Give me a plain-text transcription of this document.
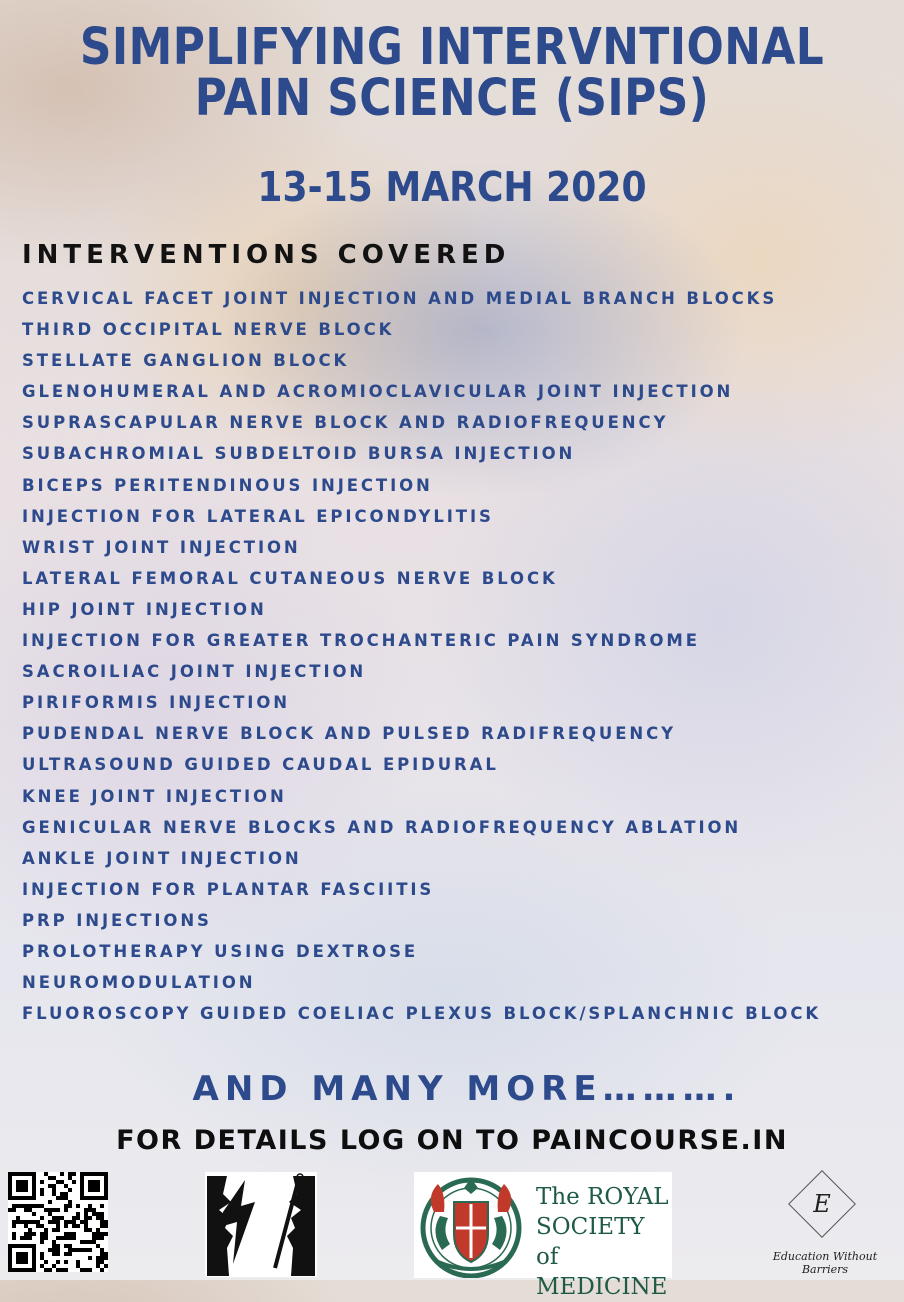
SIMPLIFYING INTERVNTIONAL
PAIN SCIENCE (SIPS)
13-15 MARCH 2020
INTERVENTIONS COVERED
CERVICAL FACET JOINT INJECTION AND MEDIAL BRANCH BLOCKS
THIRD OCCIPITAL NERVE BLOCK
STELLATE GANGLION BLOCK
GLENOHUMERAL AND ACROMIOCLAVICULAR JOINT INJECTION
SUPRASCAPULAR NERVE BLOCK AND RADIOFREQUENCY
SUBACHROMIAL SUBDELTOID BURSA INJECTION
BICEPS PERITENDINOUS INJECTION
INJECTION FOR LATERAL EPICONDYLITIS
WRIST JOINT INJECTION
LATERAL FEMORAL CUTANEOUS NERVE BLOCK
HIP JOINT INJECTION
INJECTION FOR GREATER TROCHANTERIC PAIN SYNDROME
SACROILIAC JOINT INJECTION
PIRIFORMIS INJECTION
PUDENDAL NERVE BLOCK AND PULSED RADIFREQUENCY
ULTRASOUND GUIDED CAUDAL EPIDURAL
KNEE JOINT INJECTION
GENICULAR NERVE BLOCKS AND RADIOFREQUENCY ABLATION
ANKLE JOINT INJECTION
INJECTION FOR PLANTAR FASCIITIS
PRP INJECTIONS
PROLOTHERAPY USING DEXTROSE
NEUROMODULATION
FLUOROSCOPY GUIDED COELIAC PLEXUS BLOCK/SPLANCHNIC BLOCK
AND MANY MORE……….
FOR DETAILS LOG ON TO PAINCOURSE.IN
The ROYAL
SOCIETY of
MEDICINE
E
Education Without Barriers
